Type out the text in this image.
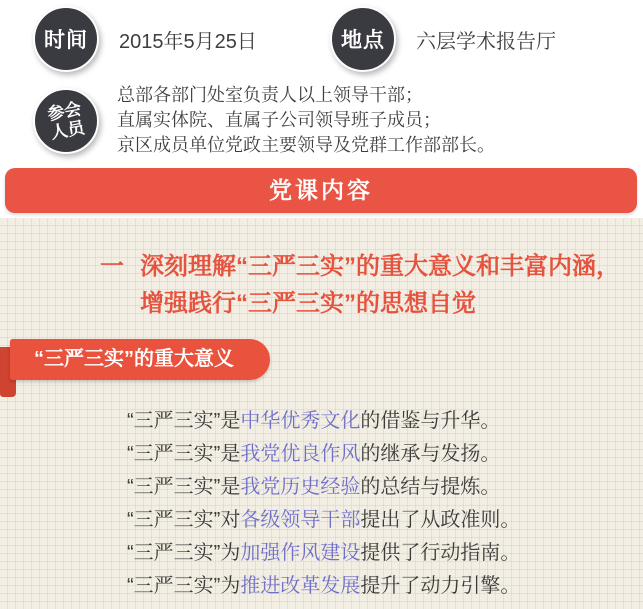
时间 2015年5月25日	地点 六层学术报告厅
参会
人员
总部各部门处室负责人以上领导干部；
直属实体院、直属子公司领导班子成员；
京区成员单位党政主要领导及党群工作部部长。
党课内容
一 深刻理解“三严三实”的重大意义和丰富内涵，
增强践行“三严三实”的思想自觉
“三严三实”的重大意义
“三严三实”是中华优秀文化的借鉴与升华。
“三严三实”是我党优良作风的继承与发扬。
“三严三实”是我党历史经验的总结与提炼。
“三严三实”对各级领导干部提出了从政准则。
“三严三实”为加强作风建设提供了行动指南。
“三严三实”为推进改革发展提升了动力引擎。
